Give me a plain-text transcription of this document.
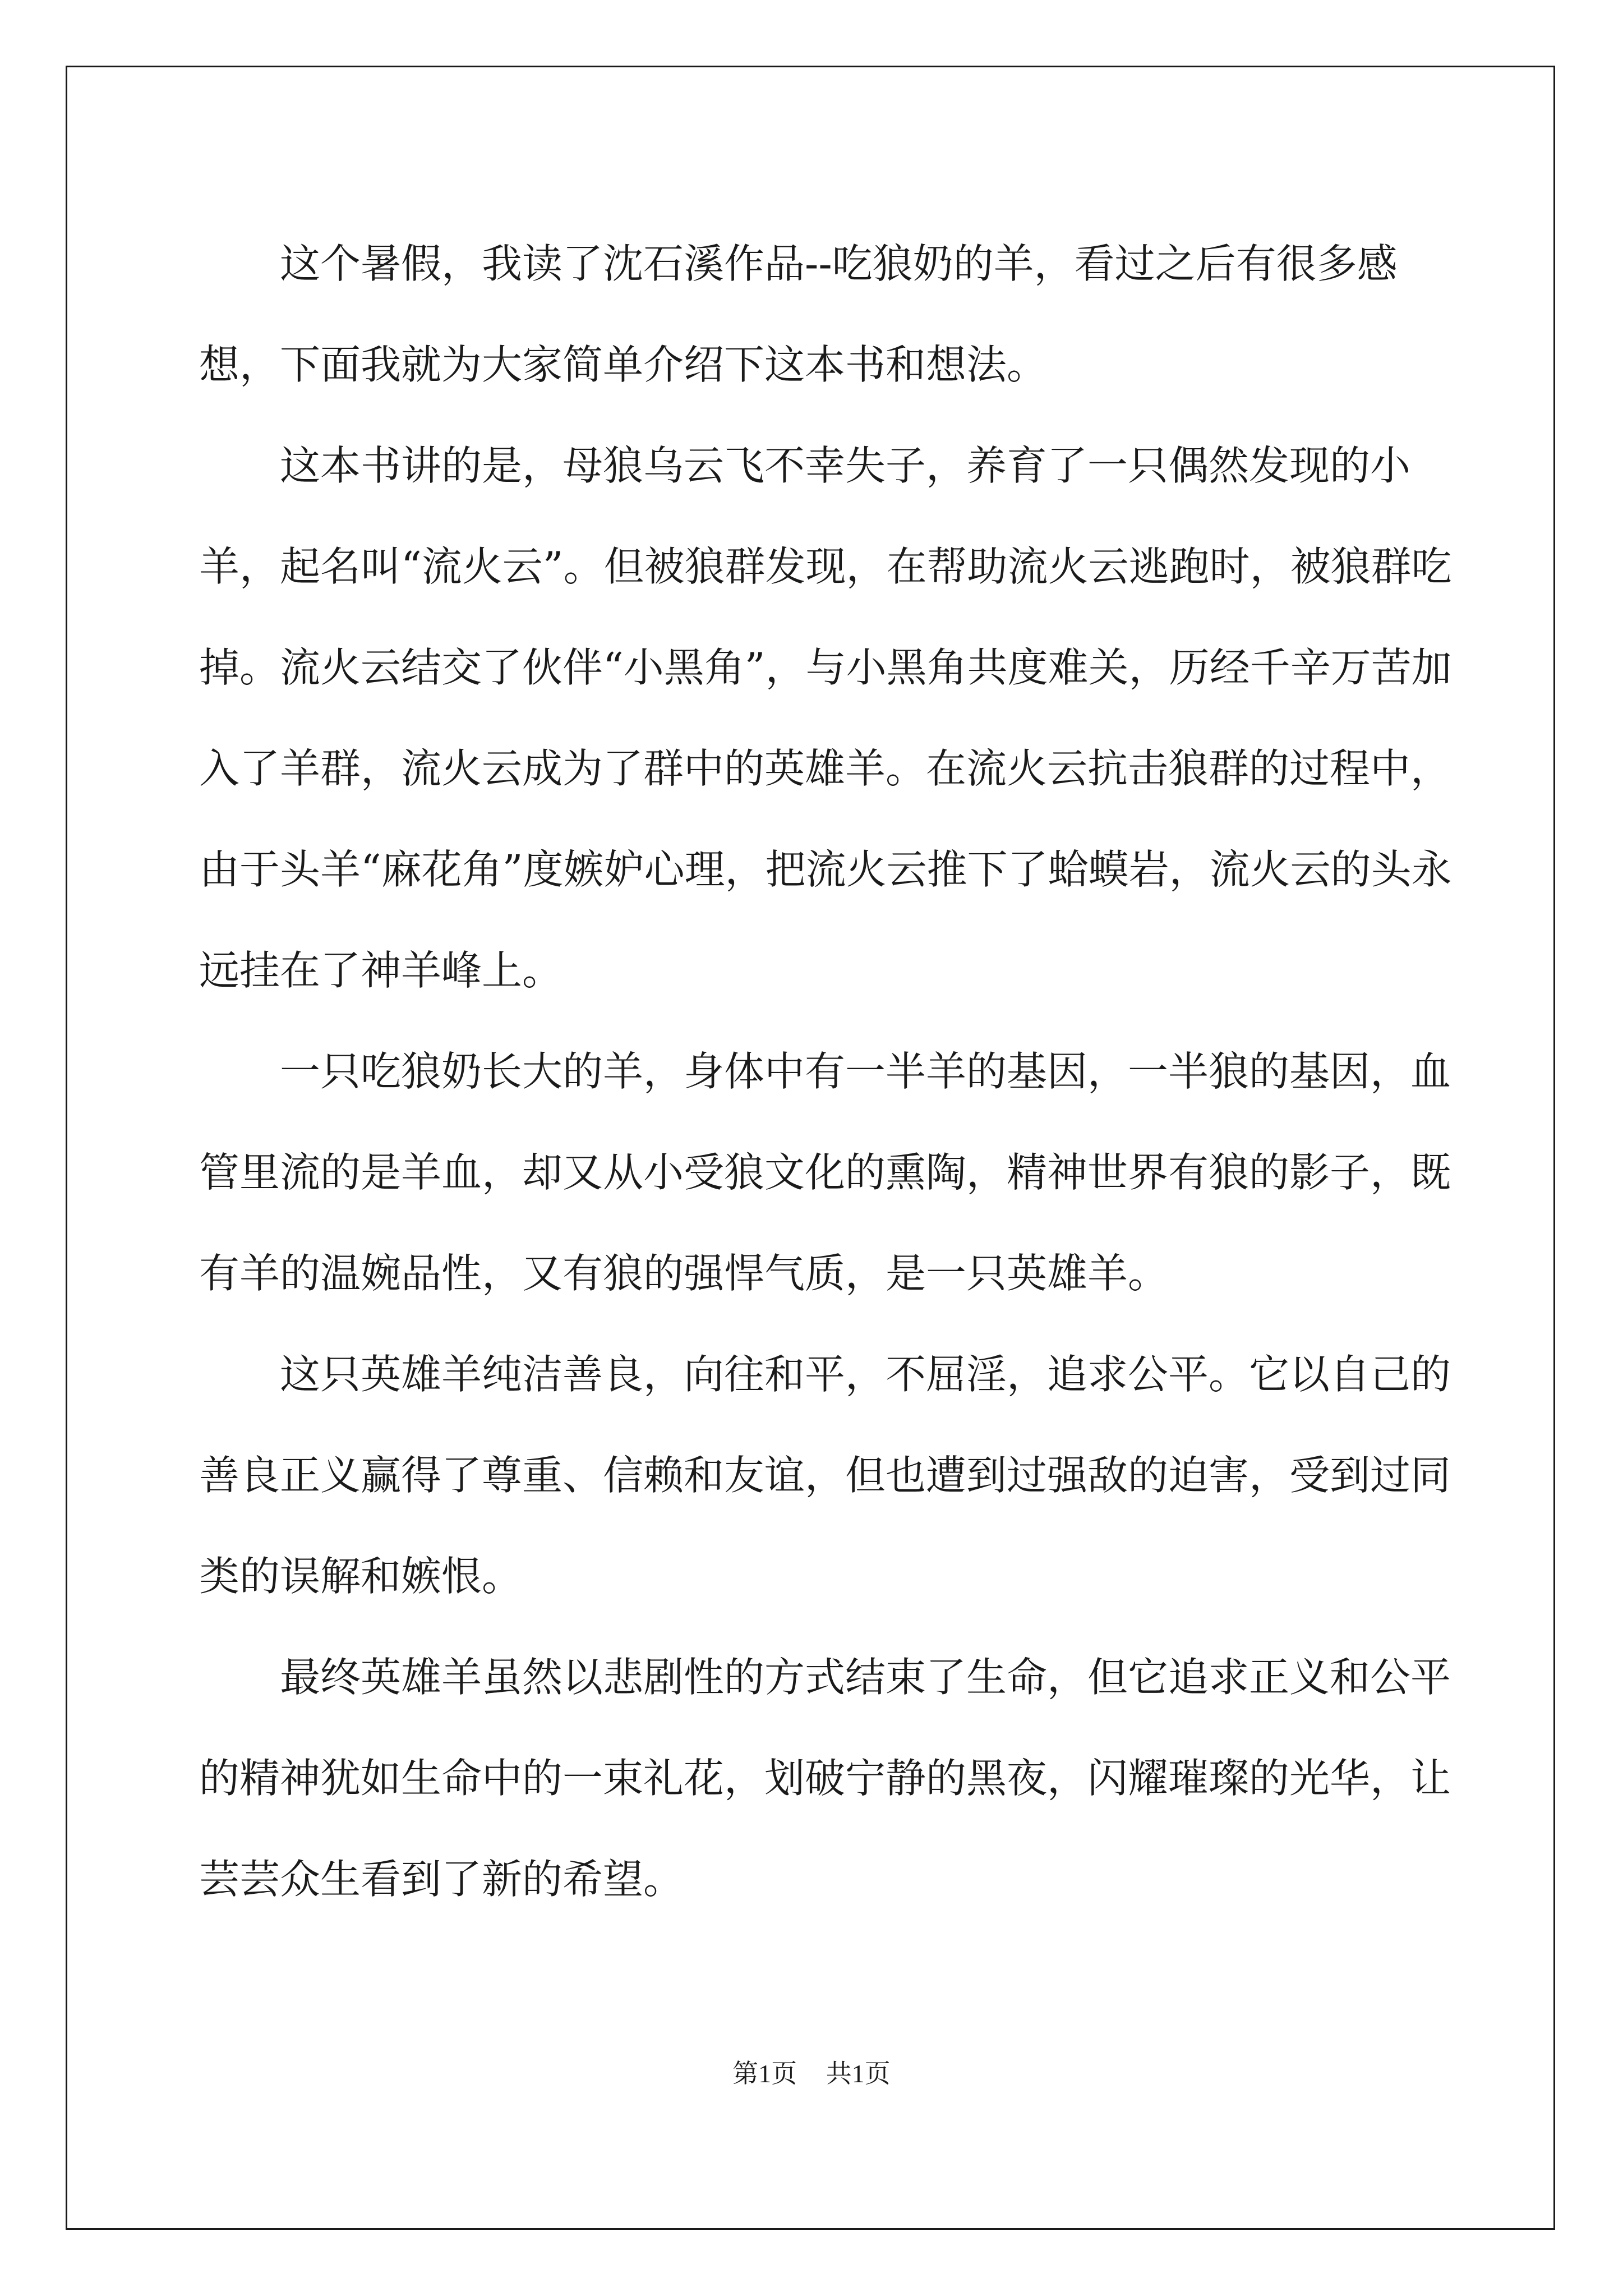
这个暑假，我读了沈石溪作品--吃狼奶的羊，看过之后有很多感想，下面我就为大家简单介绍下这本书和想法。

这本书讲的是，母狼乌云飞不幸失子，养育了一只偶然发现的小羊，起名叫“流火云”。但被狼群发现，在帮助流火云逃跑时，被狼群吃掉。流火云结交了伙伴“小黑角”，与小黑角共度难关，历经千辛万苦加入了羊群，流火云成为了群中的英雄羊。在流火云抗击狼群的过程中，由于头羊“麻花角”度嫉妒心理，把流火云推下了蛤蟆岩，流火云的头永远挂在了神羊峰上。

一只吃狼奶长大的羊，身体中有一半羊的基因，一半狼的基因，血管里流的是羊血，却又从小受狼文化的熏陶，精神世界有狼的影子，既有羊的温婉品性，又有狼的强悍气质，是一只英雄羊。

这只英雄羊纯洁善良，向往和平，不屈淫，追求公平。它以自己的善良正义赢得了尊重、信赖和友谊，但也遭到过强敌的迫害，受到过同类的误解和嫉恨。

最终英雄羊虽然以悲剧性的方式结束了生命，但它追求正义和公平的精神犹如生命中的一束礼花，划破宁静的黑夜，闪耀璀璨的光华，让芸芸众生看到了新的希望。

第1页 共1页
